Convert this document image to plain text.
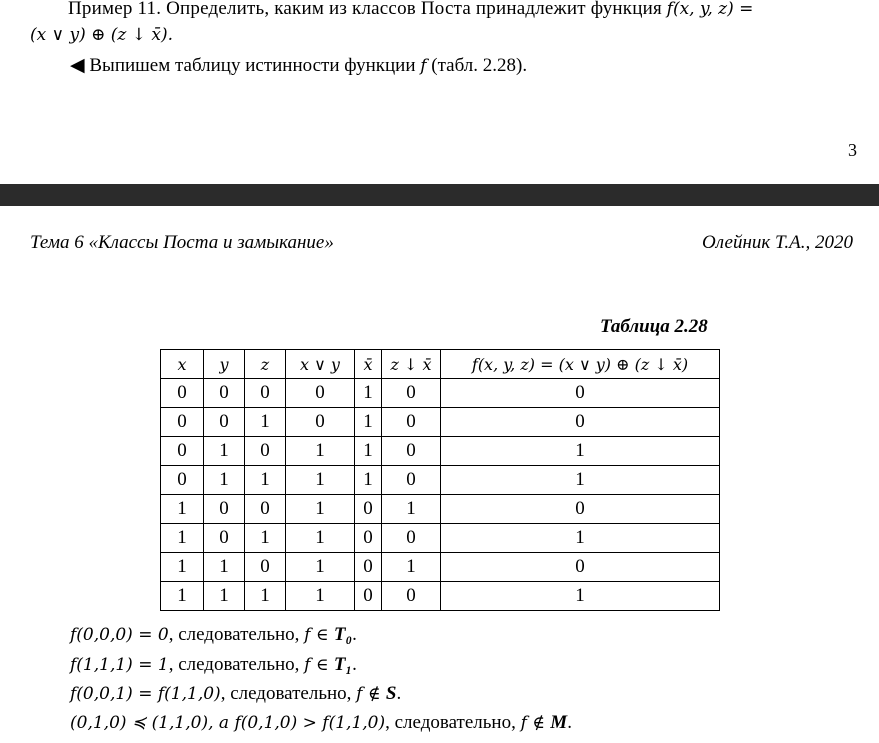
Пример 11. Определить, каким из классов Поста принадлежит функция f(x, y, z) =
(x ∨ y) ⊕ (z ↓ x̄).
◀ Выпишем таблицу истинности функции f (табл. 2.28).
3
Тема 6 «Классы Поста и замыкание»	Олейник Т.А., 2020
Таблица 2.28
x	y	z	x ∨ y	x̄	z ↓ x̄	f(x, y, z) = (x ∨ y) ⊕ (z ↓ x̄)
0	0	0	0	1	0	0
0	0	1	0	1	0	0
0	1	0	1	1	0	1
0	1	1	1	1	0	1
1	0	0	1	0	1	0
1	0	1	1	0	0	1
1	1	0	1	0	1	0
1	1	1	1	0	0	1
f(0,0,0) = 0, следовательно, f ∈ T₀.
f(1,1,1) = 1, следовательно, f ∈ T₁.
f(0,0,1) = f(1,1,0), следовательно, f ∉ S.
(0,1,0) ≼ (1,1,0), а f(0,1,0) > f(1,1,0), следовательно, f ∉ M.
